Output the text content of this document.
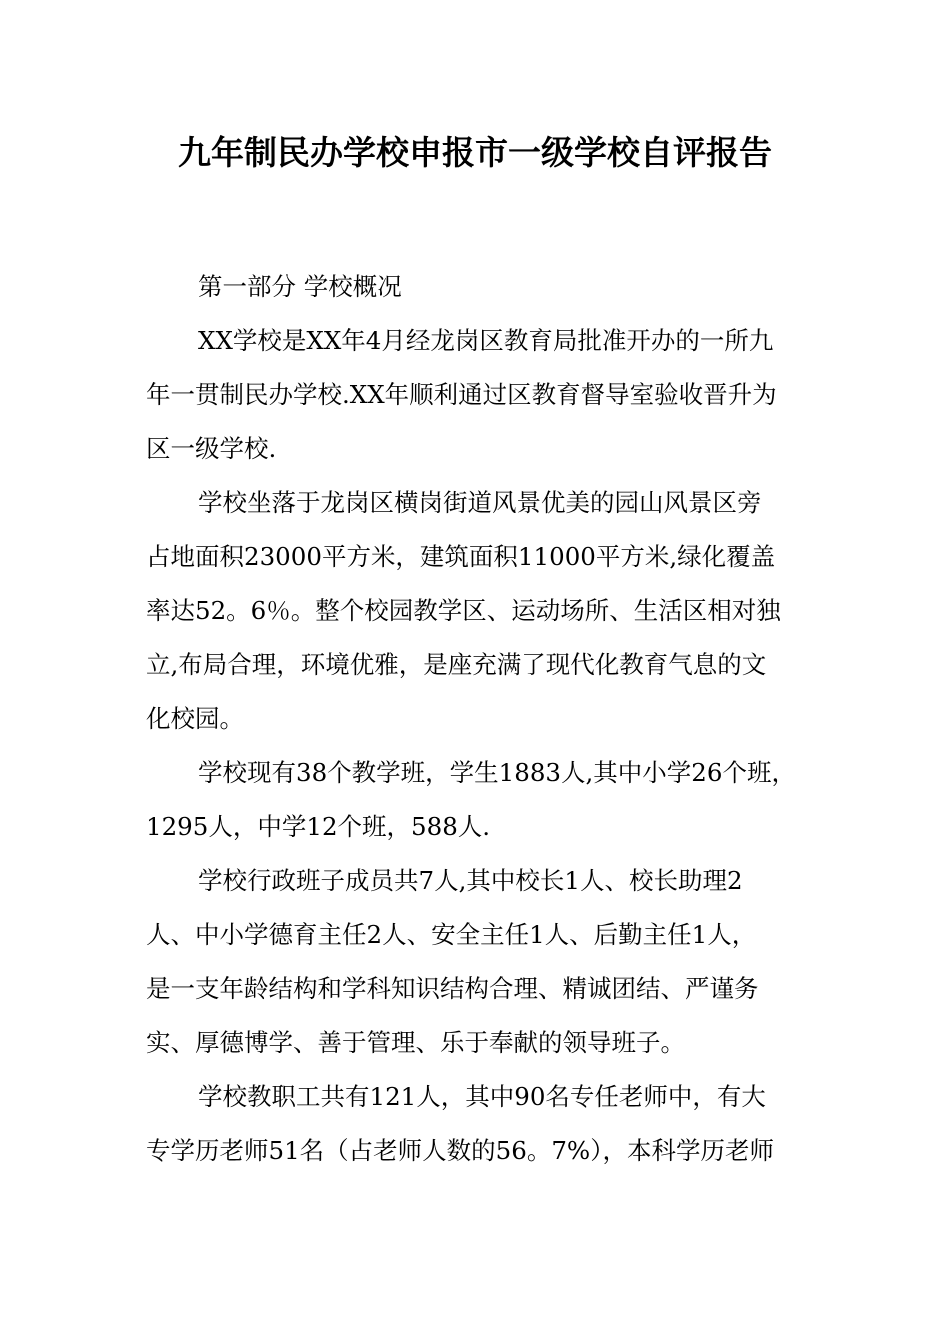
九年制民办学校申报市一级学校自评报告
第一部分 学校概况
XX学校是XX年4月经龙岗区教育局批准开办的一所九
年一贯制民办学校.XX年顺利通过区教育督导室验收晋升为
区一级学校.
学校坐落于龙岗区横岗街道风景优美的园山风景区旁
占地面积23000平方米，建筑面积11000平方米,绿化覆盖
率达52。6％。整个校园教学区、运动场所、生活区相对独
立,布局合理，环境优雅，是座充满了现代化教育气息的文
化校园。
学校现有38个教学班，学生1883人,其中小学26个班，
1295人，中学12个班，588人.
学校行政班子成员共7人,其中校长1人、校长助理2
人、中小学德育主任2人、安全主任1人、后勤主任1人，
是一支年龄结构和学科知识结构合理、精诚团结、严谨务
实、厚德博学、善于管理、乐于奉献的领导班子。
学校教职工共有121人，其中90名专任老师中，有大
专学历老师51名（占老师人数的56。7%），本科学历老师
